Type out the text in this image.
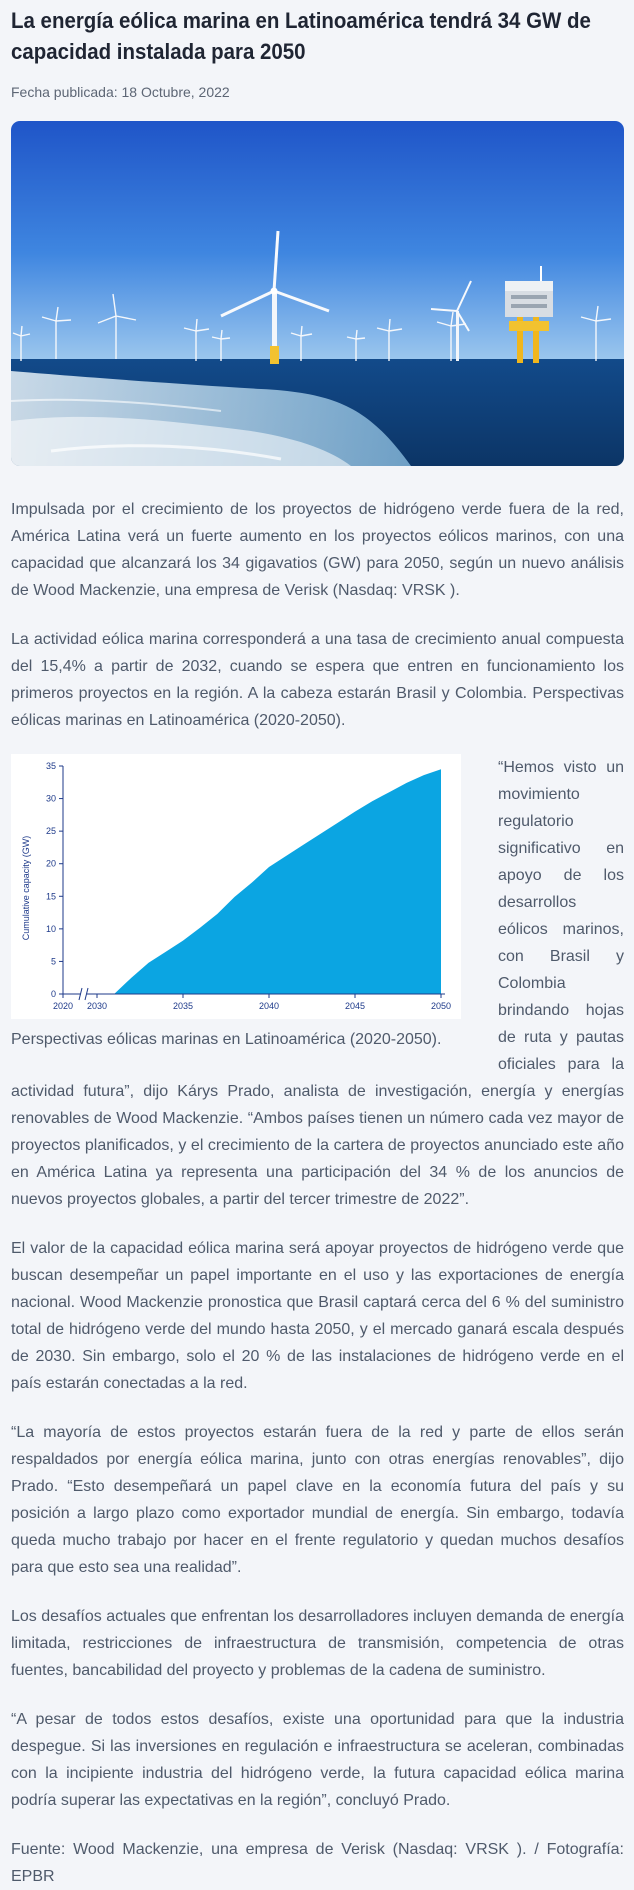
La energía eólica marina en Latinoamérica tendrá 34 GW de capacidad instalada para 2050
Fecha publicada: 18 Octubre, 2022

Impulsada por el crecimiento de los proyectos de hidrógeno verde fuera de la red, América Latina verá un fuerte aumento en los proyectos eólicos marinos, con una capacidad que alcanzará los 34 gigavatios (GW) para 2050, según un nuevo análisis de Wood Mackenzie, una empresa de Verisk (Nasdaq: VRSK ).

La actividad eólica marina corresponderá a una tasa de crecimiento anual compuesta del 15,4% a partir de 2032, cuando se espera que entren en funcionamiento los primeros proyectos en la región. A la cabeza estarán Brasil y Colombia. Perspectivas eólicas marinas en Latinoamérica (2020-2050).

Cumulative capacity (GW)
0
5
10
15
20
25
30
35
2020 2030	2035	2040	2045	2050
Perspectivas eólicas marinas en Latinoamérica (2020-2050).

“Hemos visto un movimiento regulatorio significativo en apoyo de los desarrollos eólicos marinos, con Brasil y Colombia brindando hojas de ruta y pautas oficiales para la actividad futura”, dijo Kárys Prado, analista de investigación, energía y energías renovables de Wood Mackenzie. “Ambos países tienen un número cada vez mayor de proyectos planificados, y el crecimiento de la cartera de proyectos anunciado este año en América Latina ya representa una participación del 34 % de los anuncios de nuevos proyectos globales, a partir del tercer trimestre de 2022”.

El valor de la capacidad eólica marina será apoyar proyectos de hidrógeno verde que buscan desempeñar un papel importante en el uso y las exportaciones de energía nacional. Wood Mackenzie pronostica que Brasil captará cerca del 6 % del suministro total de hidrógeno verde del mundo hasta 2050, y el mercado ganará escala después de 2030. Sin embargo, solo el 20 % de las instalaciones de hidrógeno verde en el país estarán conectadas a la red.

“La mayoría de estos proyectos estarán fuera de la red y parte de ellos serán respaldados por energía eólica marina, junto con otras energías renovables”, dijo Prado. “Esto desempeñará un papel clave en la economía futura del país y su posición a largo plazo como exportador mundial de energía. Sin embargo, todavía queda mucho trabajo por hacer en el frente regulatorio y quedan muchos desafíos para que esto sea una realidad”.

Los desafíos actuales que enfrentan los desarrolladores incluyen demanda de energía limitada, restricciones de infraestructura de transmisión, competencia de otras fuentes, bancabilidad del proyecto y problemas de la cadena de suministro.

“A pesar de todos estos desafíos, existe una oportunidad para que la industria despegue. Si las inversiones en regulación e infraestructura se aceleran, combinadas con la incipiente industria del hidrógeno verde, la futura capacidad eólica marina podría superar las expectativas en la región”, concluyó Prado.

Fuente: Wood Mackenzie, una empresa de Verisk (Nasdaq: VRSK ). / Fotografía: EPBR
